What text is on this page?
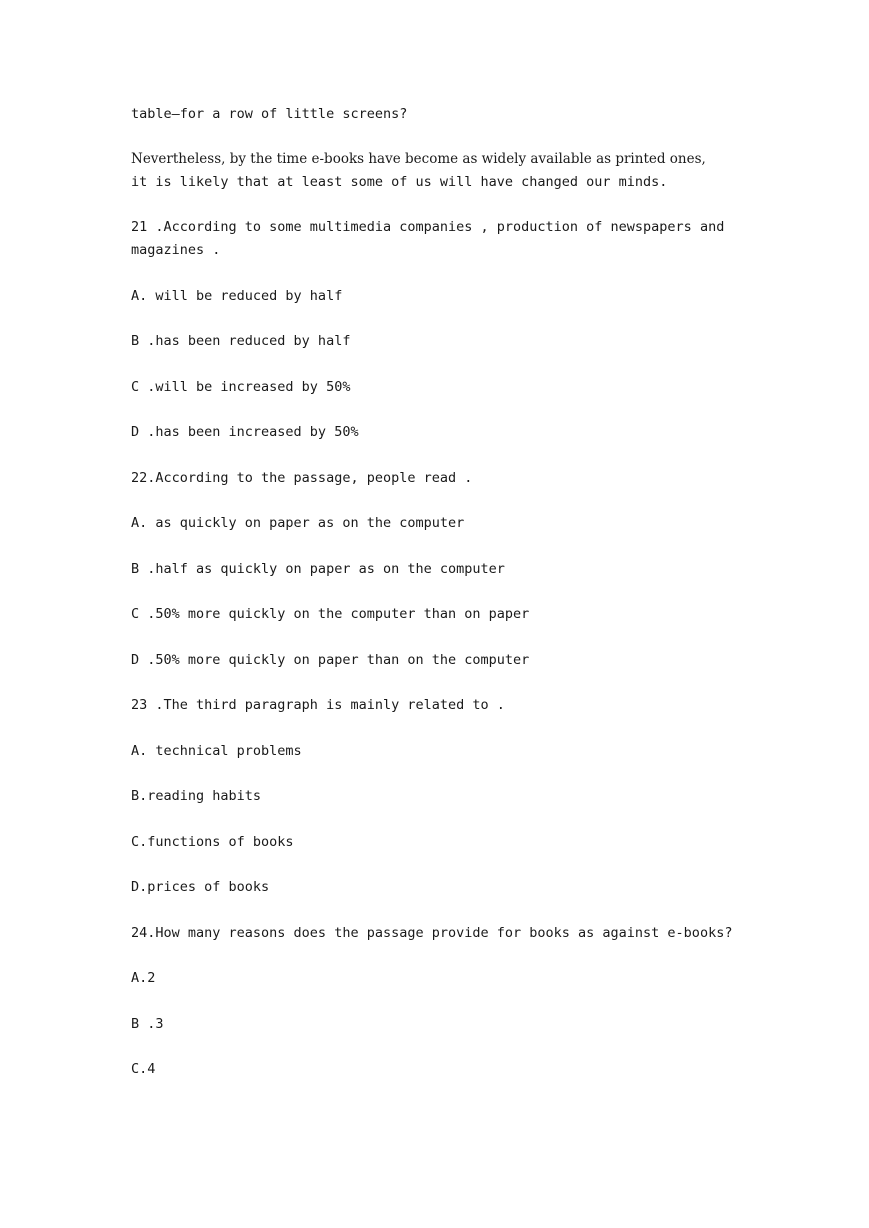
table—for a row of little screens?

Nevertheless, by the time e-books have become as widely available as printed ones,

it is likely that at least some of us will have changed our minds.

21 .According to some multimedia companies , production of newspapers and

magazines .

A. will be reduced by half

B .has been reduced by half

C .will be increased by 50%

D .has been increased by 50%

22.According to the passage, people read .

A. as quickly on paper as on the computer

B .half as quickly on paper as on the computer

C .50% more quickly on the computer than on paper

D .50% more quickly on paper than on the computer

23 .The third paragraph is mainly related to .

A. technical problems

B.reading habits

C.functions of books

D.prices of books

24.How many reasons does the passage provide for books as against e-books?

A.2

B .3

C.4
